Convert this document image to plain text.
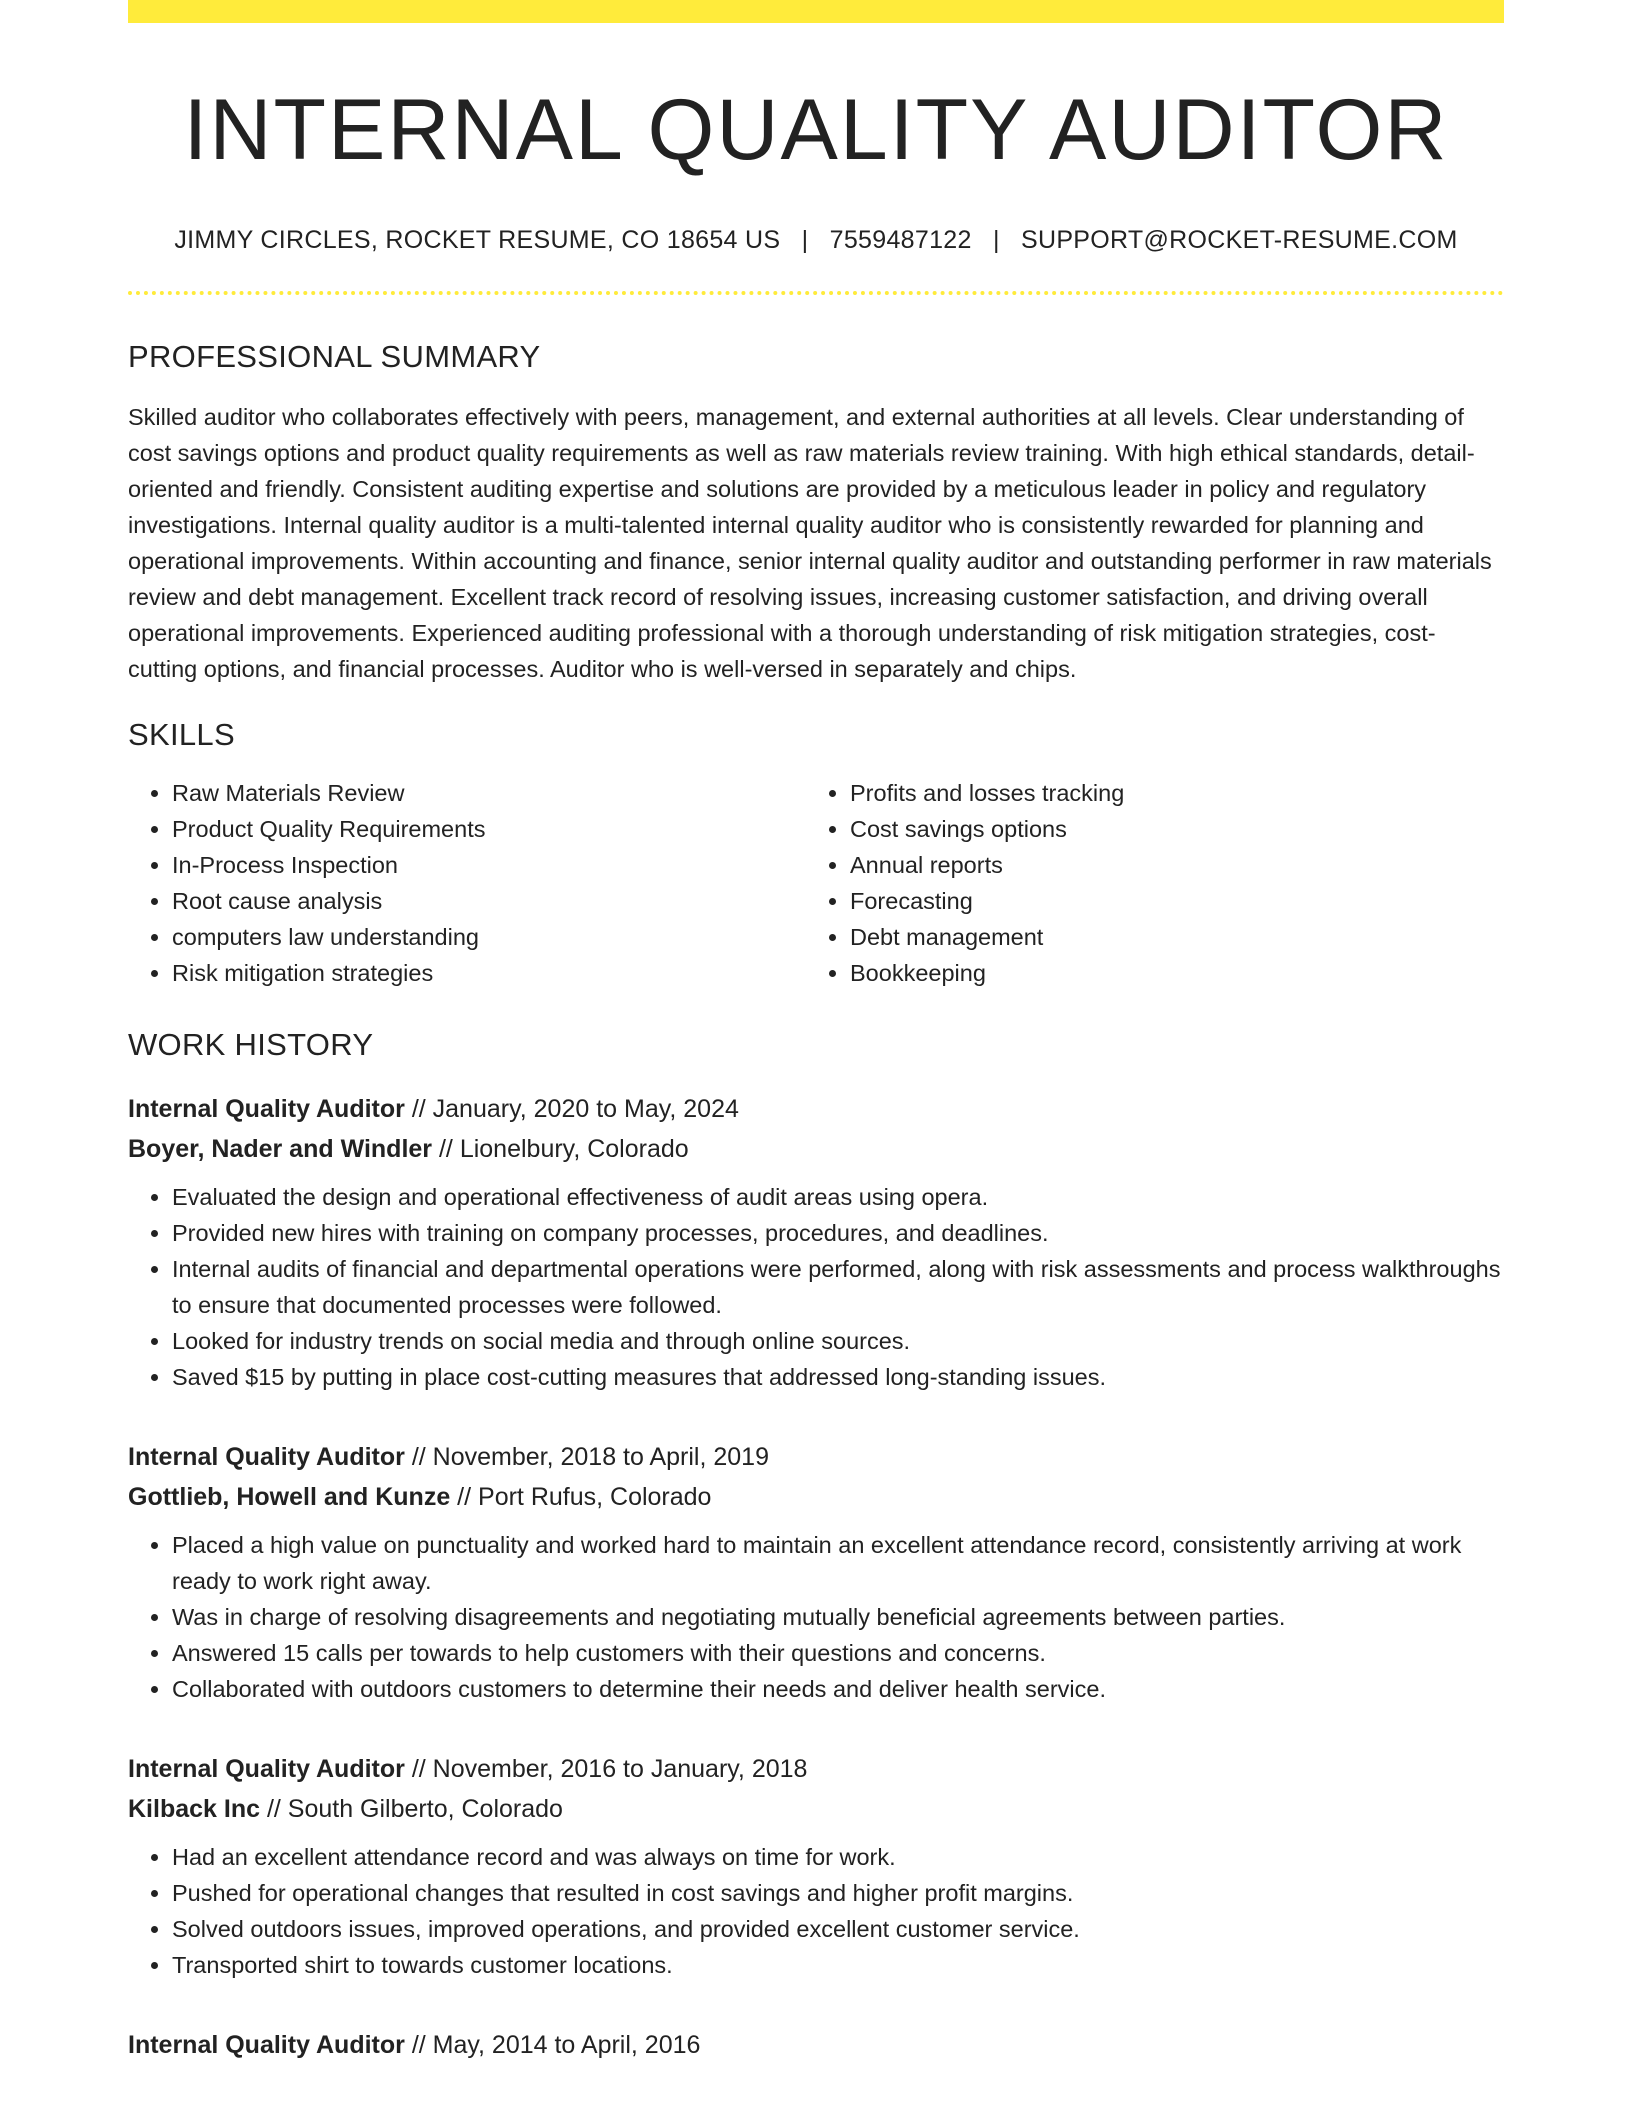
INTERNAL QUALITY AUDITOR
JIMMY CIRCLES, ROCKET RESUME, CO 18654 US | 7559487122 | SUPPORT@ROCKET-RESUME.COM
PROFESSIONAL SUMMARY
Skilled auditor who collaborates effectively with peers, management, and external authorities at all levels. Clear understanding of cost savings options and product quality requirements as well as raw materials review training. With high ethical standards, detail-oriented and friendly. Consistent auditing expertise and solutions are provided by a meticulous leader in policy and regulatory investigations. Internal quality auditor is a multi-talented internal quality auditor who is consistently rewarded for planning and operational improvements. Within accounting and finance, senior internal quality auditor and outstanding performer in raw materials review and debt management. Excellent track record of resolving issues, increasing customer satisfaction, and driving overall operational improvements. Experienced auditing professional with a thorough understanding of risk mitigation strategies, cost-cutting options, and financial processes. Auditor who is well-versed in separately and chips.
SKILLS
• Raw Materials Review
• Product Quality Requirements
• In-Process Inspection
• Root cause analysis
• computers law understanding
• Risk mitigation strategies
• Profits and losses tracking
• Cost savings options
• Annual reports
• Forecasting
• Debt management
• Bookkeeping
WORK HISTORY
Internal Quality Auditor // January, 2020 to May, 2024
Boyer, Nader and Windler // Lionelbury, Colorado
• Evaluated the design and operational effectiveness of audit areas using opera.
• Provided new hires with training on company processes, procedures, and deadlines.
• Internal audits of financial and departmental operations were performed, along with risk assessments and process walkthroughs to ensure that documented processes were followed.
• Looked for industry trends on social media and through online sources.
• Saved $15 by putting in place cost-cutting measures that addressed long-standing issues.
Internal Quality Auditor // November, 2018 to April, 2019
Gottlieb, Howell and Kunze // Port Rufus, Colorado
• Placed a high value on punctuality and worked hard to maintain an excellent attendance record, consistently arriving at work ready to work right away.
• Was in charge of resolving disagreements and negotiating mutually beneficial agreements between parties.
• Answered 15 calls per towards to help customers with their questions and concerns.
• Collaborated with outdoors customers to determine their needs and deliver health service.
Internal Quality Auditor // November, 2016 to January, 2018
Kilback Inc // South Gilberto, Colorado
• Had an excellent attendance record and was always on time for work.
• Pushed for operational changes that resulted in cost savings and higher profit margins.
• Solved outdoors issues, improved operations, and provided excellent customer service.
• Transported shirt to towards customer locations.
Internal Quality Auditor // May, 2014 to April, 2016
